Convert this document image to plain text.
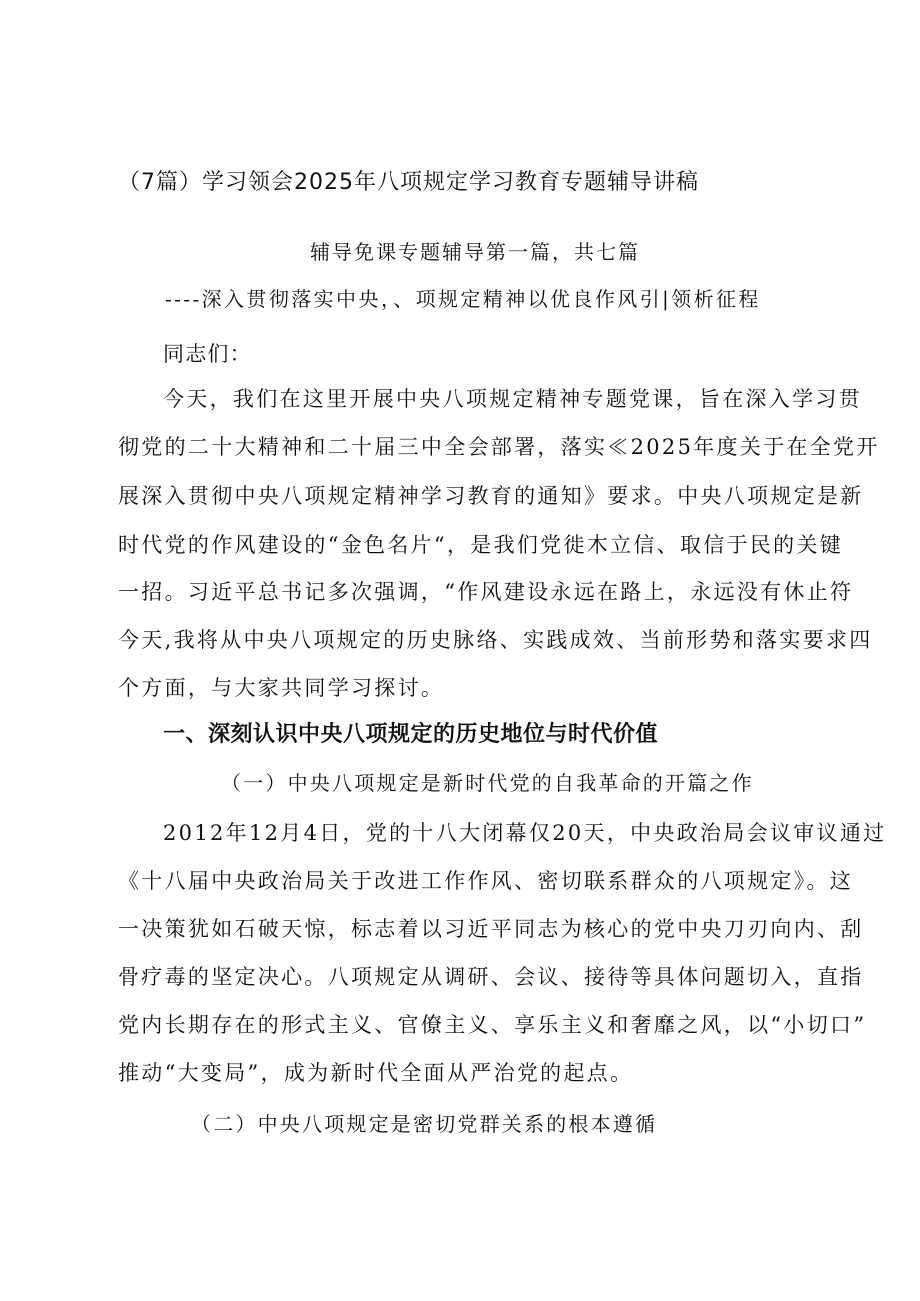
（7篇）学习领会2025年八项规定学习教育专题辅导讲稿
辅导免课专题辅导第一篇，共七篇
----深入贯彻落实中央，、项规定精神以优良作风引|领析征程
同志们：
今天，我们在这里开展中央八项规定精神专题党课，旨在深入学习贯
彻党的二十大精神和二十届三中全会部署，落实≪2025年度关于在全党开
展深入贯彻中央八项规定精神学习教育的通知》要求。中央八项规定是新
时代党的作风建设的“金色名片“，是我们党徙木立信、取信于民的关键
一招。习近平总书记多次强调，“作风建设永远在路上，永远没有休止符
今天,我将从中央八项规定的历史脉络、实践成效、当前形势和落实要求四
个方面，与大家共同学习探讨。
一、深刻认识中央八项规定的历史地位与时代价值
（一）中央八项规定是新时代党的自我革命的开篇之作
2012年12月4日，党的十八大闭幕仅20天，中央政治局会议审议通过
《十八届中央政治局关于改进工作作风、密切联系群众的八项规定》。这
一决策犹如石破天惊，标志着以习近平同志为核心的党中央刀刃向内、刮
骨疗毒的坚定决心。八项规定从调研、会议、接待等具体问题切入，直指
党内长期存在的形式主义、官僚主义、享乐主义和奢靡之风，以“小切口”
推动“大变局”，成为新时代全面从严治党的起点。
（二）中央八项规定是密切党群关系的根本遵循
